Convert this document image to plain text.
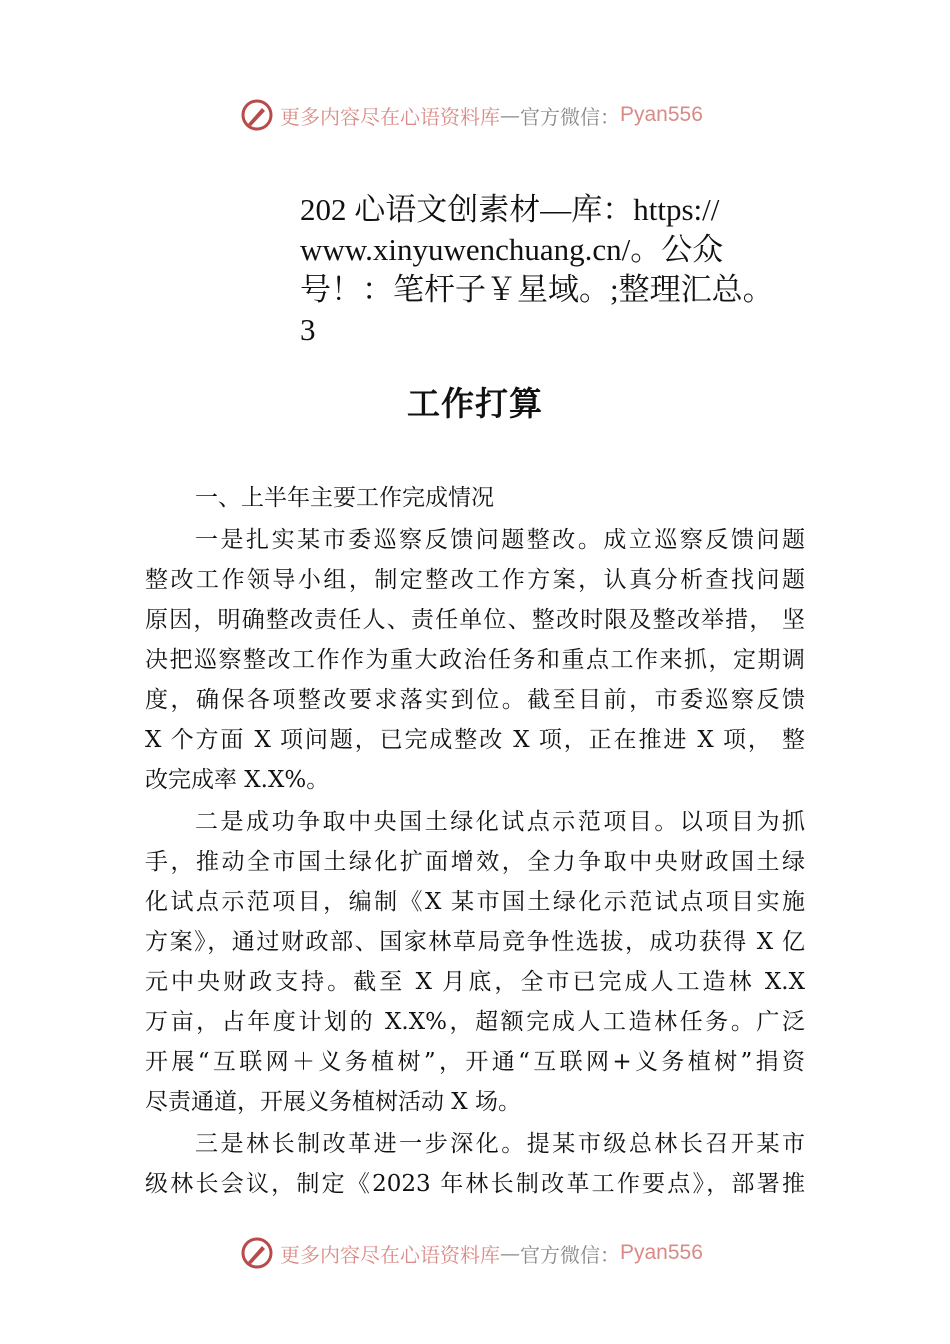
更多内容尽在心语资料库 — 官方微信： Pyan556
202 心语文创素材—库：https://
www.xinyuwenchuang.cn/。公众
号！：笔杆子￥星域。;整理汇总。
3
工作打算
一、上半年主要工作完成情况
一是扎实某市委巡察反馈问题整改。成立巡察反馈问题
整改工作领导小组，制定整改工作方案，认真分析查找问题
原因，明确整改责任人、责任单位、整改时限及整改举措， 坚
决把巡察整改工作作为重大政治任务和重点工作来抓，定期调
度，确保各项整改要求落实到位。截至目前，市委巡察反馈
X 个方面 X 项问题，已完成整改 X 项，正在推进 X 项， 整
改完成率 X.X%。
二是成功争取中央国土绿化试点示范项目。以项目为抓
手，推动全市国土绿化扩面增效，全力争取中央财政国土绿
化试点示范项目，编制《X 某市国土绿化示范试点项目实施
方案》，通过财政部、国家林草局竞争性选拔，成功获得 X 亿
元中央财政支持。截至 X 月底，全市已完成人工造林 X.X
万亩，占年度计划的 X.X%，超额完成人工造林任务。广泛
开展“互联网＋义务植树”，开通“互联网+义务植树”捐资
尽责通道，开展义务植树活动 X 场。
三是林长制改革进一步深化。提某市级总林长召开某市
级林长会议，制定《2023 年林长制改革工作要点》，部署推
更多内容尽在心语资料库 — 官方微信： Pyan556
